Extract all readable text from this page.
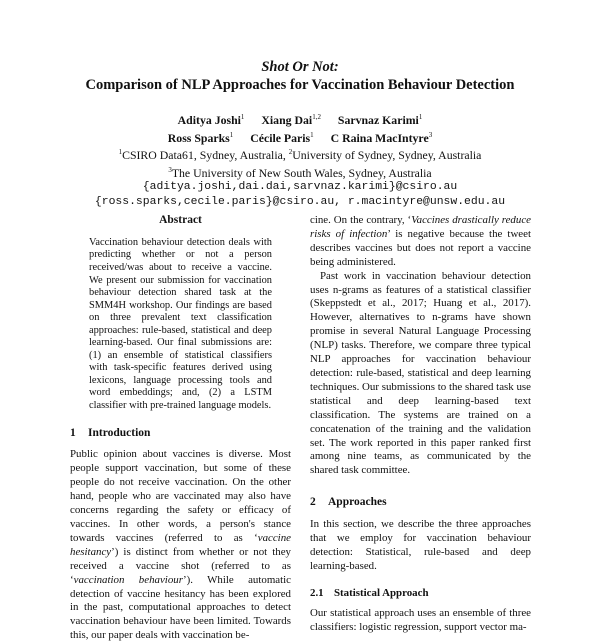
Shot Or Not:
Comparison of NLP Approaches for Vaccination Behaviour Detection
Aditya Joshi$^1$ Xiang Dai$^{1,2}$ Sarvnaz Karimi$^1$
Ross Sparks$^1$ Cécile Paris$^1$ C Raina MacIntyre$^3$
$^1$CSIRO Data61, Sydney, Australia, $^2$University of Sydney, Sydney, Australia
$^3$The University of New South Wales, Sydney, Australia
{aditya.joshi,dai.dai,sarvnaz.karimi}@csiro.au
{ross.sparks,cecile.paris}@csiro.au, r.macintyre@unsw.edu.au
Abstract

Vaccination behaviour detection deals with predicting whether or not a person received/was about to receive a vaccine. We present our submission for vaccination behaviour detection shared task at the SMM4H workshop. Our findings are based on three prevalent text classification approaches: rule-based, statistical and deep learning-based. Our final submissions are: (1) an ensemble of statistical classifiers with task-specific features derived using lexicons, language processing tools and word embeddings; and, (2) a LSTM classifier with pre-trained language models.

1 Introduction

Public opinion about vaccines is diverse. Most people support vaccination, but some of these people do not receive vaccination. On the other hand, people who are vaccinated may also have concerns regarding the safety or efficacy of vaccines. In other words, a person's stance towards vaccines (referred to as ‘vaccine hesitancy’) is distinct from whether or not they received a vaccine shot (referred to as ‘vaccination behaviour’). While automatic detection of vaccine hesitancy has been explored in the past, computational approaches to detect vaccination behaviour have been limited. Towards this, our paper deals with vaccination be-

cine. On the contrary, ‘Vaccines drastically reduce risks of infection’ is negative because the tweet describes vaccines but does not report a vaccine being administered.

Past work in vaccination behaviour detection uses n-grams as features of a statistical classifier (Skeppstedt et al., 2017; Huang et al., 2017). However, alternatives to n-grams have shown promise in several Natural Language Processing (NLP) tasks. Therefore, we compare three typical NLP approaches for vaccination behaviour detection: rule-based, statistical and deep learning techniques. Our submissions to the shared task use statistical and deep learning-based text classification. The systems are trained on a concatenation of the training and the validation set. The work reported in this paper ranked first among nine teams, as communicated by the shared task committee.

2 Approaches

In this section, we describe the three approaches that we employ for vaccination behaviour detection: Statistical, rule-based and deep learning-based.

2.1 Statistical Approach

Our statistical approach uses an ensemble of three classifiers: logistic regression, support vector ma-
